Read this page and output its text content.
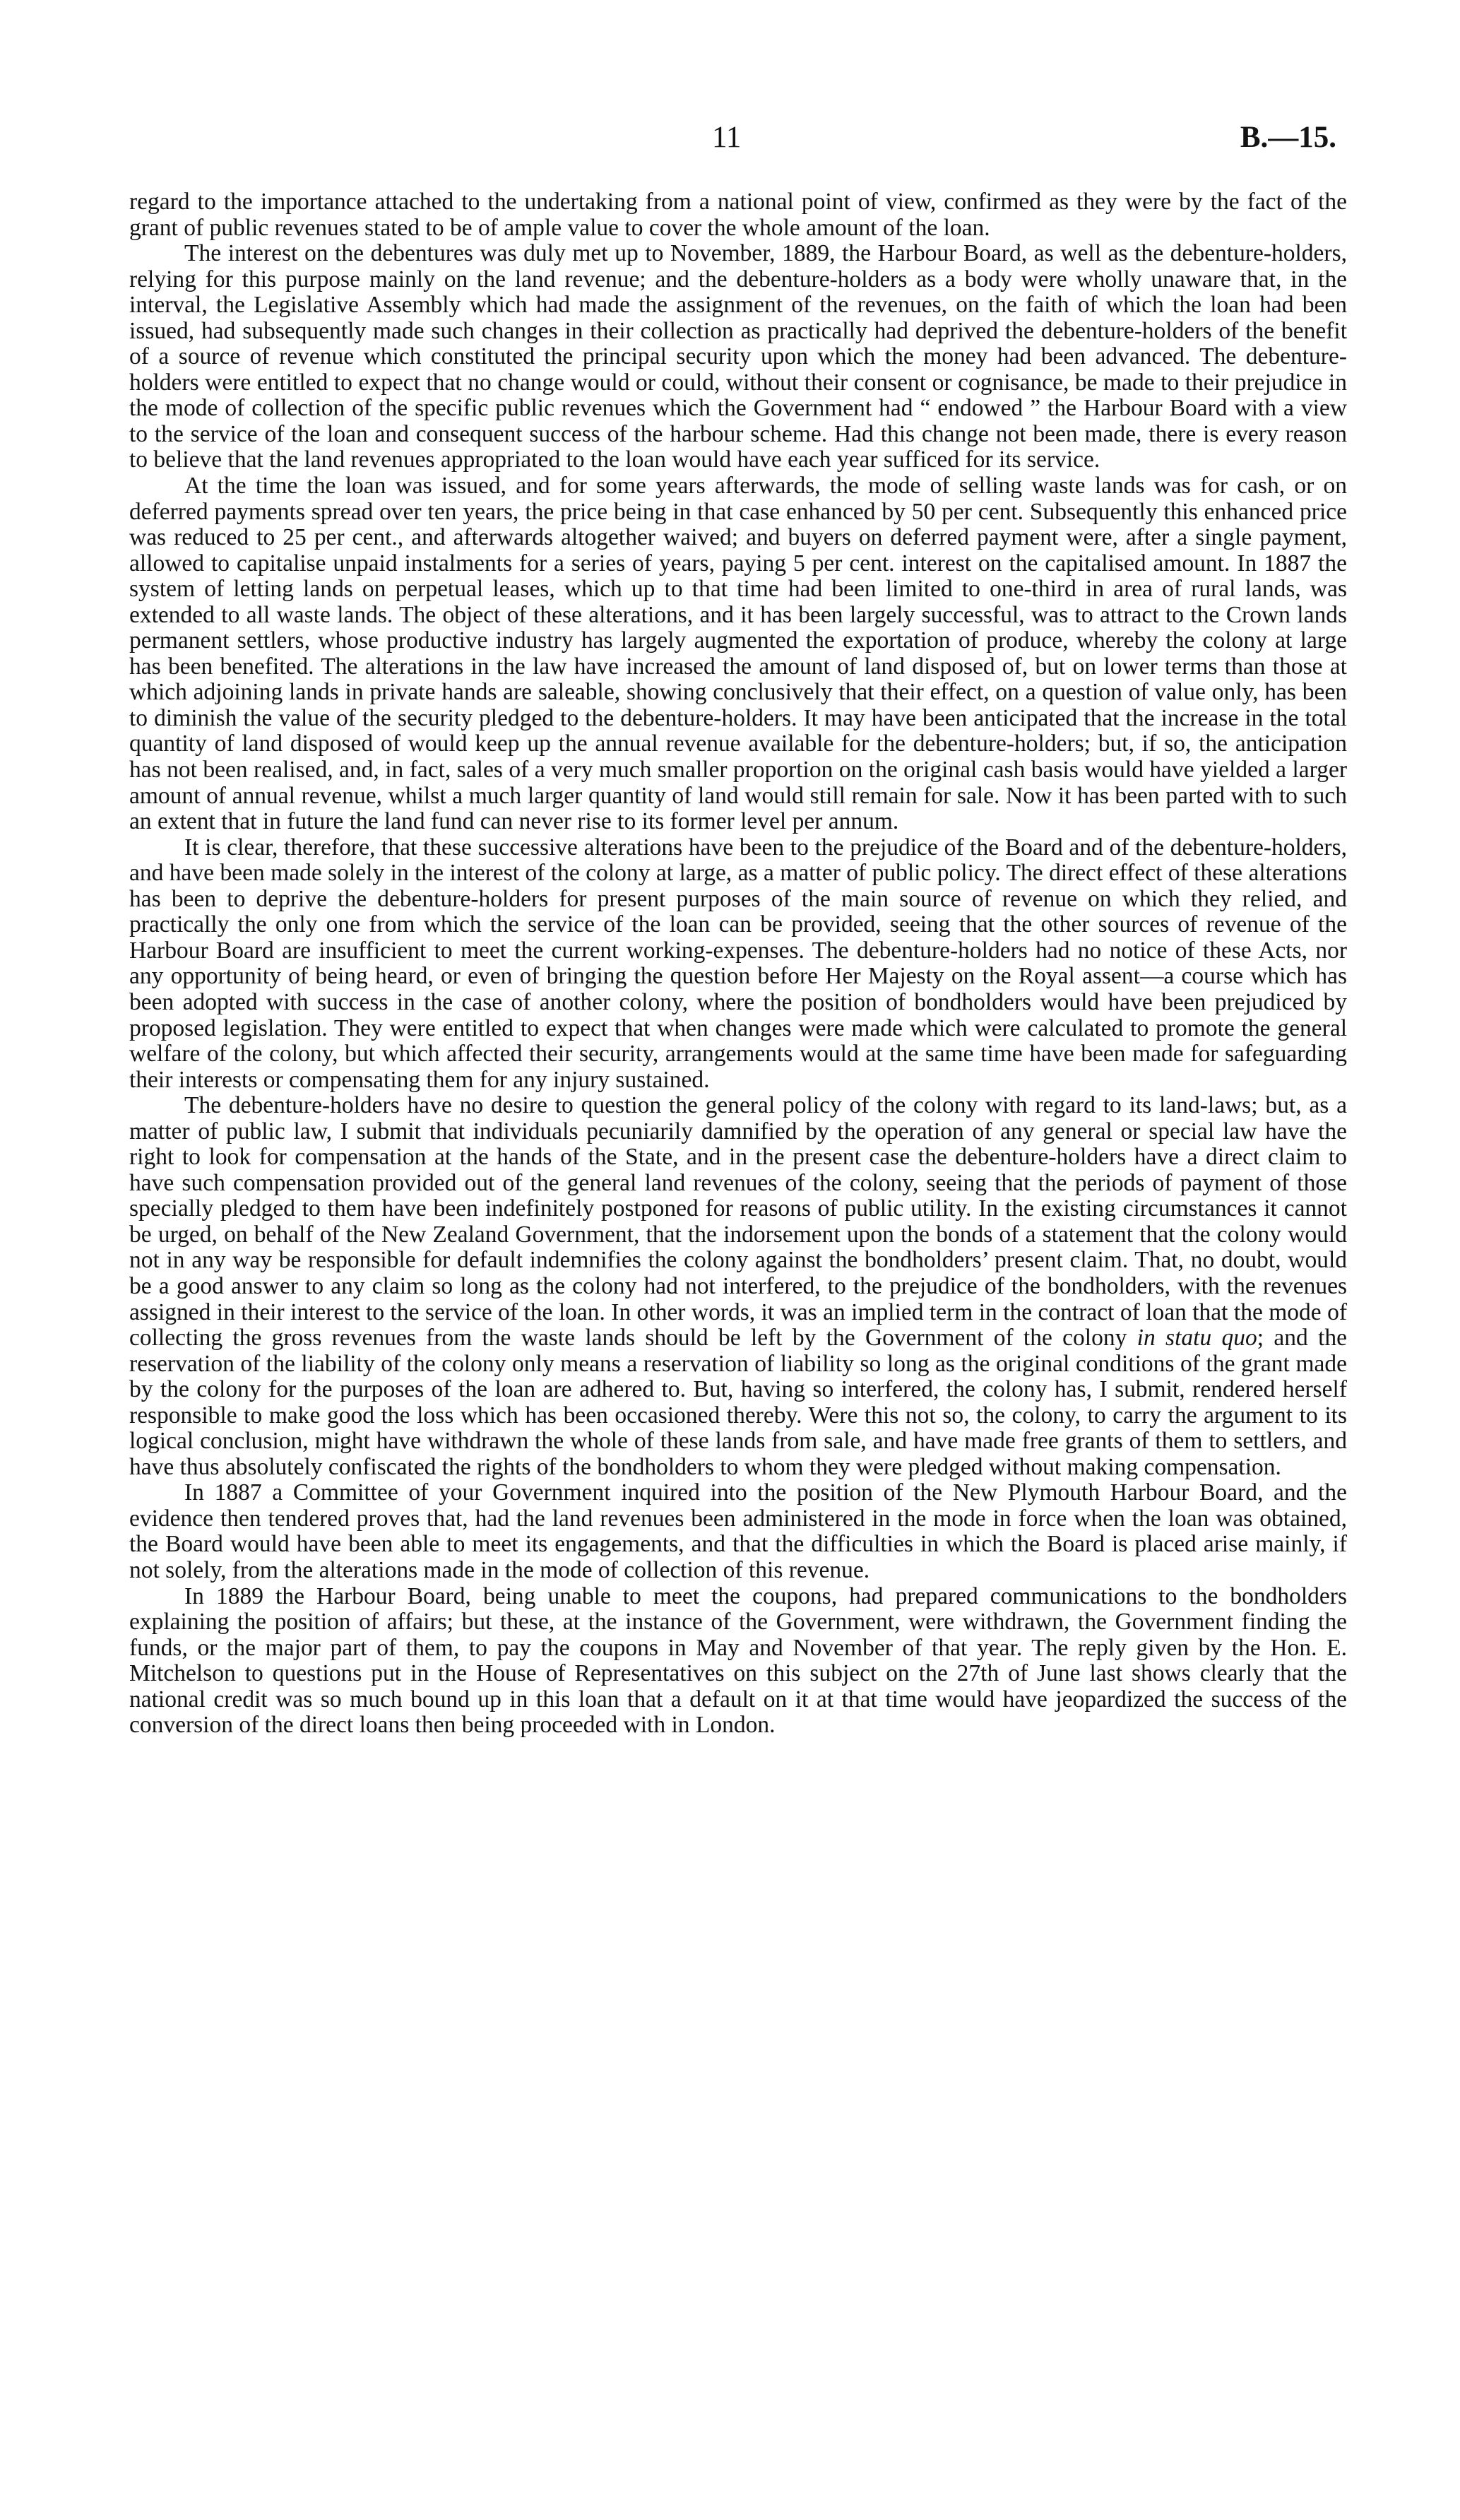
11	B.—15.

regard to the importance attached to the undertaking from a national point of view, confirmed as they were by the fact of the grant of public revenues stated to be of ample value to cover the whole amount of the loan.

The interest on the debentures was duly met up to November, 1889, the Harbour Board, as well as the debenture-holders, relying for this purpose mainly on the land revenue; and the debenture-holders as a body were wholly unaware that, in the interval, the Legislative Assembly which had made the assignment of the revenues, on the faith of which the loan had been issued, had subsequently made such changes in their collection as practically had deprived the debenture-holders of the benefit of a source of revenue which constituted the principal security upon which the money had been advanced. The debenture-holders were entitled to expect that no change would or could, without their consent or cognisance, be made to their prejudice in the mode of collection of the specific public revenues which the Government had “ endowed ” the Harbour Board with a view to the service of the loan and consequent success of the harbour scheme. Had this change not been made, there is every reason to believe that the land revenues appropriated to the loan would have each year sufficed for its service.

At the time the loan was issued, and for some years afterwards, the mode of selling waste lands was for cash, or on deferred payments spread over ten years, the price being in that case enhanced by 50 per cent. Subsequently this enhanced price was reduced to 25 per cent., and afterwards altogether waived; and buyers on deferred payment were, after a single payment, allowed to capitalise unpaid instalments for a series of years, paying 5 per cent. interest on the capitalised amount. In 1887 the system of letting lands on perpetual leases, which up to that time had been limited to one-third in area of rural lands, was extended to all waste lands. The object of these alterations, and it has been largely successful, was to attract to the Crown lands permanent settlers, whose productive industry has largely augmented the exportation of produce, whereby the colony at large has been benefited. The alterations in the law have increased the amount of land disposed of, but on lower terms than those at which adjoining lands in private hands are saleable, showing conclusively that their effect, on a question of value only, has been to diminish the value of the security pledged to the debenture-holders. It may have been anticipated that the increase in the total quantity of land disposed of would keep up the annual revenue available for the debenture-holders; but, if so, the anticipation has not been realised, and, in fact, sales of a very much smaller proportion on the original cash basis would have yielded a larger amount of annual revenue, whilst a much larger quantity of land would still remain for sale. Now it has been parted with to such an extent that in future the land fund can never rise to its former level per annum.

It is clear, therefore, that these successive alterations have been to the prejudice of the Board and of the debenture-holders, and have been made solely in the interest of the colony at large, as a matter of public policy. The direct effect of these alterations has been to deprive the debenture-holders for present purposes of the main source of revenue on which they relied, and practically the only one from which the service of the loan can be provided, seeing that the other sources of revenue of the Harbour Board are insufficient to meet the current working-expenses. The debenture-holders had no notice of these Acts, nor any opportunity of being heard, or even of bringing the question before Her Majesty on the Royal assent—a course which has been adopted with success in the case of another colony, where the position of bondholders would have been prejudiced by proposed legislation. They were entitled to expect that when changes were made which were calculated to promote the general welfare of the colony, but which affected their security, arrangements would at the same time have been made for safeguarding their interests or compensating them for any injury sustained.

The debenture-holders have no desire to question the general policy of the colony with regard to its land-laws; but, as a matter of public law, I submit that individuals pecuniarily damnified by the operation of any general or special law have the right to look for compensation at the hands of the State, and in the present case the debenture-holders have a direct claim to have such compensation provided out of the general land revenues of the colony, seeing that the periods of payment of those specially pledged to them have been indefinitely postponed for reasons of public utility. In the existing circumstances it cannot be urged, on behalf of the New Zealand Government, that the indorsement upon the bonds of a statement that the colony would not in any way be responsible for default indemnifies the colony against the bondholders’ present claim. That, no doubt, would be a good answer to any claim so long as the colony had not interfered, to the prejudice of the bondholders, with the revenues assigned in their interest to the service of the loan. In other words, it was an implied term in the contract of loan that the mode of collecting the gross revenues from the waste lands should be left by the Government of the colony in statu quo; and the reservation of the liability of the colony only means a reservation of liability so long as the original conditions of the grant made by the colony for the purposes of the loan are adhered to. But, having so interfered, the colony has, I submit, rendered herself responsible to make good the loss which has been occasioned thereby. Were this not so, the colony, to carry the argument to its logical conclusion, might have withdrawn the whole of these lands from sale, and have made free grants of them to settlers, and have thus absolutely confiscated the rights of the bondholders to whom they were pledged without making compensation.

In 1887 a Committee of your Government inquired into the position of the New Plymouth Harbour Board, and the evidence then tendered proves that, had the land revenues been administered in the mode in force when the loan was obtained, the Board would have been able to meet its engagements, and that the difficulties in which the Board is placed arise mainly, if not solely, from the alterations made in the mode of collection of this revenue.

In 1889 the Harbour Board, being unable to meet the coupons, had prepared communications to the bondholders explaining the position of affairs; but these, at the instance of the Government, were withdrawn, the Government finding the funds, or the major part of them, to pay the coupons in May and November of that year. The reply given by the Hon. E. Mitchelson to questions put in the House of Representatives on this subject on the 27th of June last shows clearly that the national credit was so much bound up in this loan that a default on it at that time would have jeopardized the success of the conversion of the direct loans then being proceeded with in London.
